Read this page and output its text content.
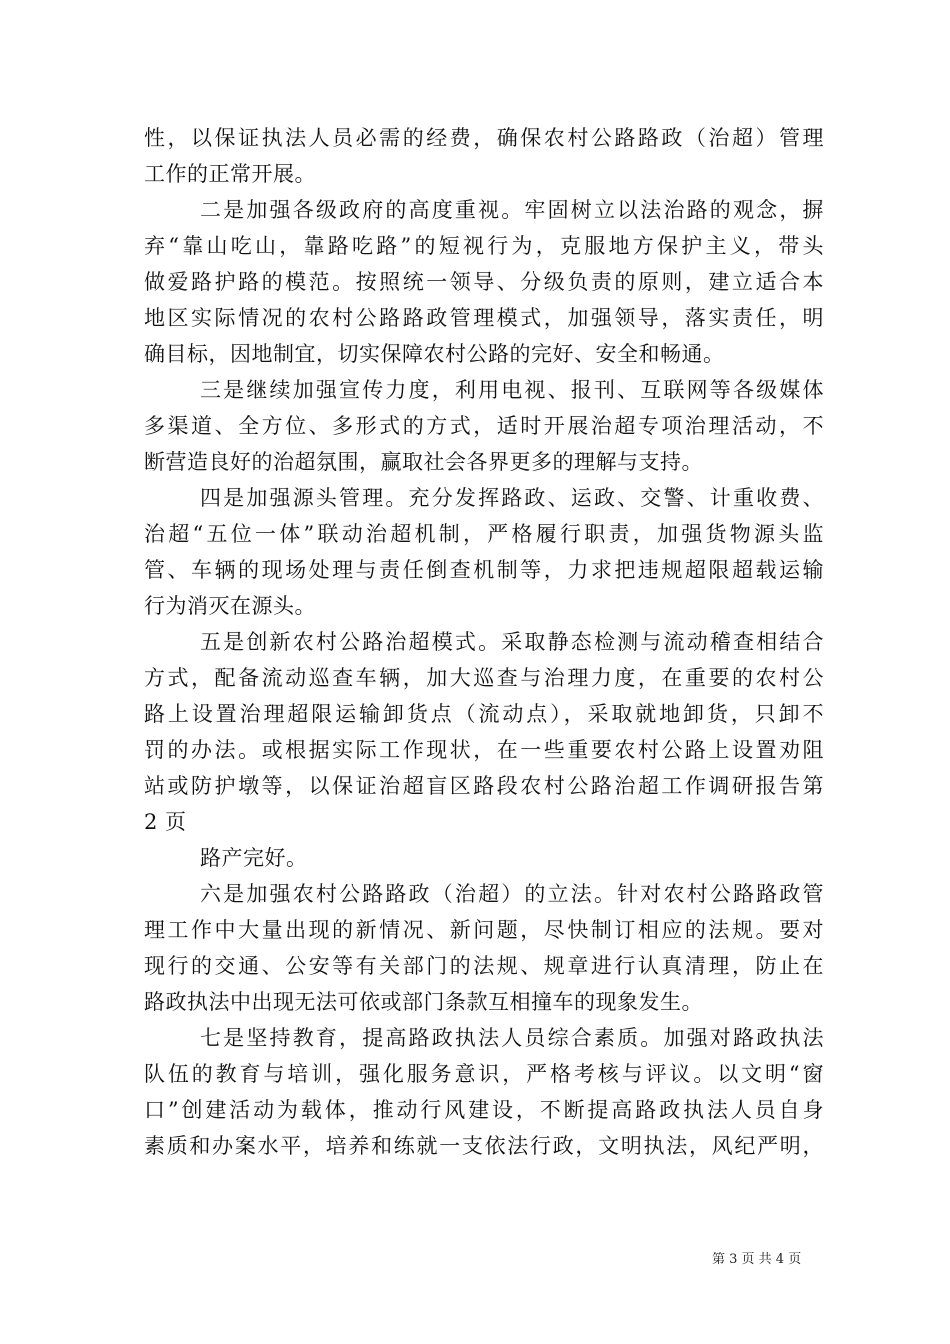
性，以保证执法人员必需的经费，确保农村公路路政（治超）管理
工作的正常开展。
二是加强各级政府的高度重视。牢固树立以法治路的观念，摒
弃“靠山吃山，靠路吃路”的短视行为，克服地方保护主义，带头
做爱路护路的模范。按照统一领导、分级负责的原则，建立适合本
地区实际情况的农村公路路政管理模式，加强领导，落实责任，明
确目标，因地制宜，切实保障农村公路的完好、安全和畅通。
三是继续加强宣传力度，利用电视、报刊、互联网等各级媒体
多渠道、全方位、多形式的方式，适时开展治超专项治理活动，不
断营造良好的治超氛围，赢取社会各界更多的理解与支持。
四是加强源头管理。充分发挥路政、运政、交警、计重收费、
治超“五位一体”联动治超机制，严格履行职责，加强货物源头监
管、车辆的现场处理与责任倒查机制等，力求把违规超限超载运输
行为消灭在源头。
五是创新农村公路治超模式。采取静态检测与流动稽查相结合
方式，配备流动巡查车辆，加大巡查与治理力度，在重要的农村公
路上设置治理超限运输卸货点（流动点），采取就地卸货，只卸不
罚的办法。或根据实际工作现状，在一些重要农村公路上设置劝阻
站或防护墩等，以保证治超盲区路段农村公路治超工作调研报告第
2 页
路产完好。
六是加强农村公路路政（治超）的立法。针对农村公路路政管
理工作中大量出现的新情况、新问题，尽快制订相应的法规。要对
现行的交通、公安等有关部门的法规、规章进行认真清理，防止在
路政执法中出现无法可依或部门条款互相撞车的现象发生。
七是坚持教育，提高路政执法人员综合素质。加强对路政执法
队伍的教育与培训，强化服务意识，严格考核与评议。以文明“窗
口”创建活动为载体，推动行风建设，不断提高路政执法人员自身
素质和办案水平，培养和练就一支依法行政，文明执法，风纪严明，
第 3 页 共 4 页
